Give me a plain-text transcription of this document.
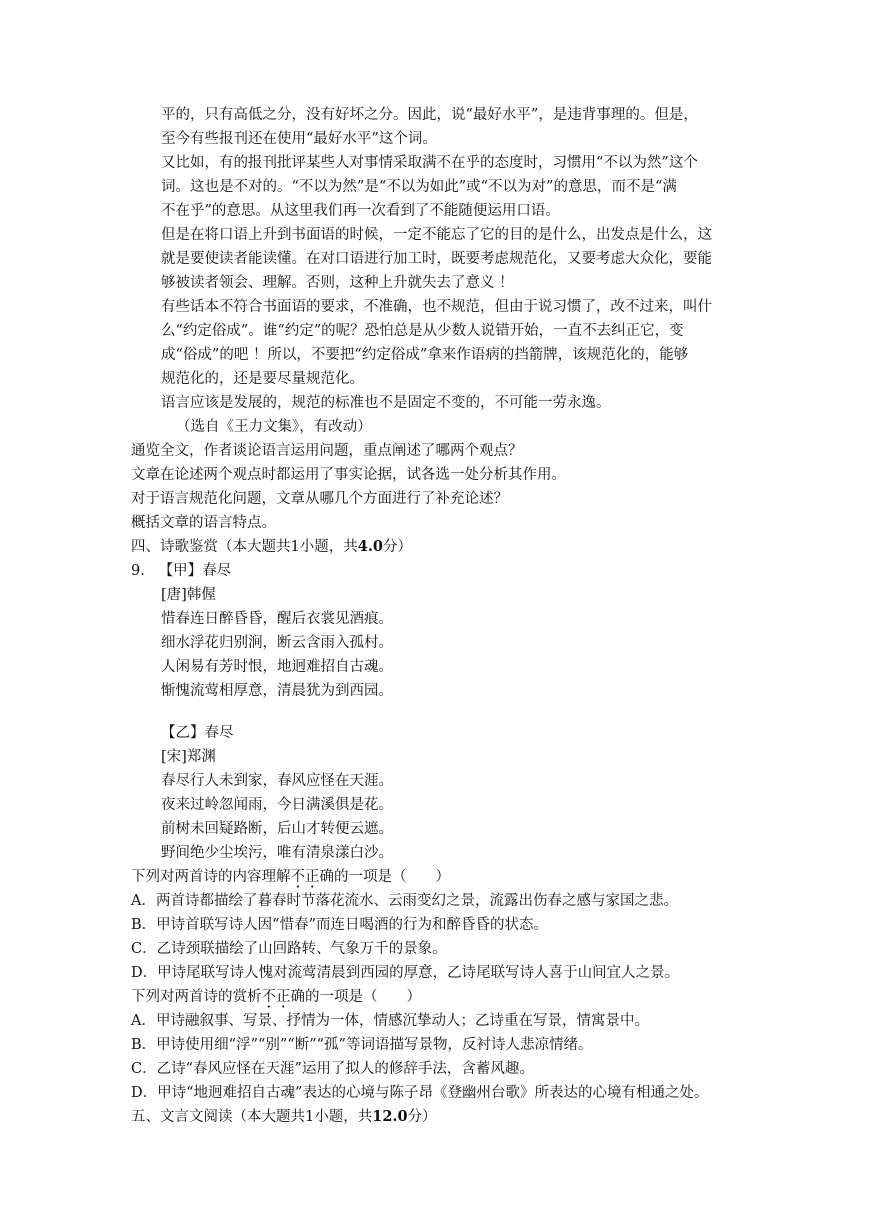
平的，只有高低之分，没有好坏之分。因此，说“最好水平”，是违背事理的。但是，

至今有些报刊还在使用“最好水平”这个词。

又比如，有的报刊批评某些人对事情采取满不在乎的态度时，习惯用“不以为然”这个

词。这也是不对的。“不以为然”是“不以为如此”或“不以为对”的意思，而不是“满

不在乎”的意思。从这里我们再一次看到了不能随便运用口语。

但是在将口语上升到书面语的时候，一定不能忘了它的目的是什么，出发点是什么，这

就是要使读者能读懂。在对口语进行加工时，既要考虑规范化，又要考虑大众化，要能

够被读者领会、理解。否则，这种上升就失去了意义 ！

有些话本不符合书面语的要求，不准确，也不规范，但由于说习惯了，改不过来，叫什

么“约定俗成”。谁“约定”的呢？恐怕总是从少数人说错开始，一直不去纠正它，变

成“俗成”的吧 ！所以，不要把“约定俗成”拿来作语病的挡箭牌，该规范化的，能够

规范化的，还是要尽量规范化。

语言应该是发展的，规范的标准也不是固定不变的，不可能一劳永逸。

（选自《王力文集》，有改动）

通览全文，作者谈论语言运用问题，重点阐述了哪两个观点？

文章在论述两个观点时都运用了事实论据，试各选一处分析其作用。

对于语言规范化问题，文章从哪几个方面进行了补充论述？

概括文章的语言特点。

四、诗歌鉴赏（本大题共1小题，共4.0分）

9. 【甲】春尽

[唐]韩偓

惜春连日醉昏昏，醒后衣裳见酒痕。

细水浮花归别涧，断云含雨入孤村。

人闲易有芳时恨，地迥难招自古魂。

惭愧流莺相厚意，清晨犹为到西园。

【乙】春尽

[宋]郑渊

春尽行人未到家，春风应怪在天涯。

夜来过岭忽闻雨，今日满溪俱是花。

前树未回疑路断，后山才转便云遮。

野间绝少尘埃污，唯有清泉漾白沙。

下列对两首诗的内容理解不正确的一项是（　　）

A．两首诗都描绘了暮春时节落花流水、云雨变幻之景，流露出伤春之感与家国之悲。

B．甲诗首联写诗人因“惜春”而连日喝酒的行为和醉昏昏的状态。

C．乙诗颈联描绘了山回路转、气象万千的景象。

D．甲诗尾联写诗人愧对流莺清晨到西园的厚意，乙诗尾联写诗人喜于山间宜人之景。

下列对两首诗的赏析不正确的一项是（　　）

A．甲诗融叙事、写景、抒情为一体，情感沉挚动人；乙诗重在写景，情寓景中。

B．甲诗使用细“浮”“别”“断”“孤”等词语描写景物，反衬诗人悲凉情绪。

C．乙诗“春风应怪在天涯”运用了拟人的修辞手法，含蓄风趣。

D．甲诗“地迥难招自古魂”表达的心境与陈子昂《登幽州台歌》所表达的心境有相通之处。

五、文言文阅读（本大题共1小题，共12.0分）
